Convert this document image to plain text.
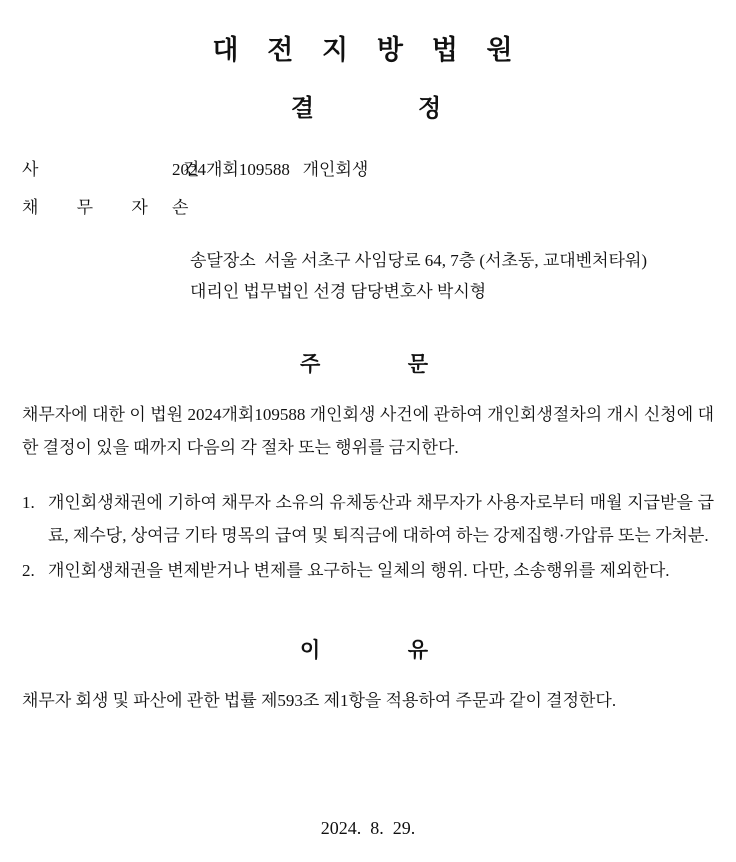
대 전 지 방 법 원
결          정
사      건
2024개회109588   개인회생
채 무 자 손
송달장소  서울 서초구 사임당로 64, 7층 (서초동, 교대벤처타워)
대리인 법무법인 선경 담당변호사 박시형
주      문
채무자에 대한 이 법원 2024개회109588 개인회생 사건에 관하여 개인회생절차의 개시 신청에 대한 결정이 있을 때까지 다음의 각 절차 또는 행위를 금지한다.
1. 개인회생채권에 기하여 채무자 소유의 유체동산과 채무자가 사용자로부터 매월 지급받을 급료, 제수당, 상여금 기타 명목의 급여 및 퇴직금에 대하여 하는 강제집행·가압류 또는 가처분.
2. 개인회생채권을 변제받거나 변제를 요구하는 일체의 행위. 다만, 소송행위를 제외한다.
이      유
채무자 회생 및 파산에 관한 법률 제593조 제1항을 적용하여 주문과 같이 결정한다.
2024.  8.  29.
